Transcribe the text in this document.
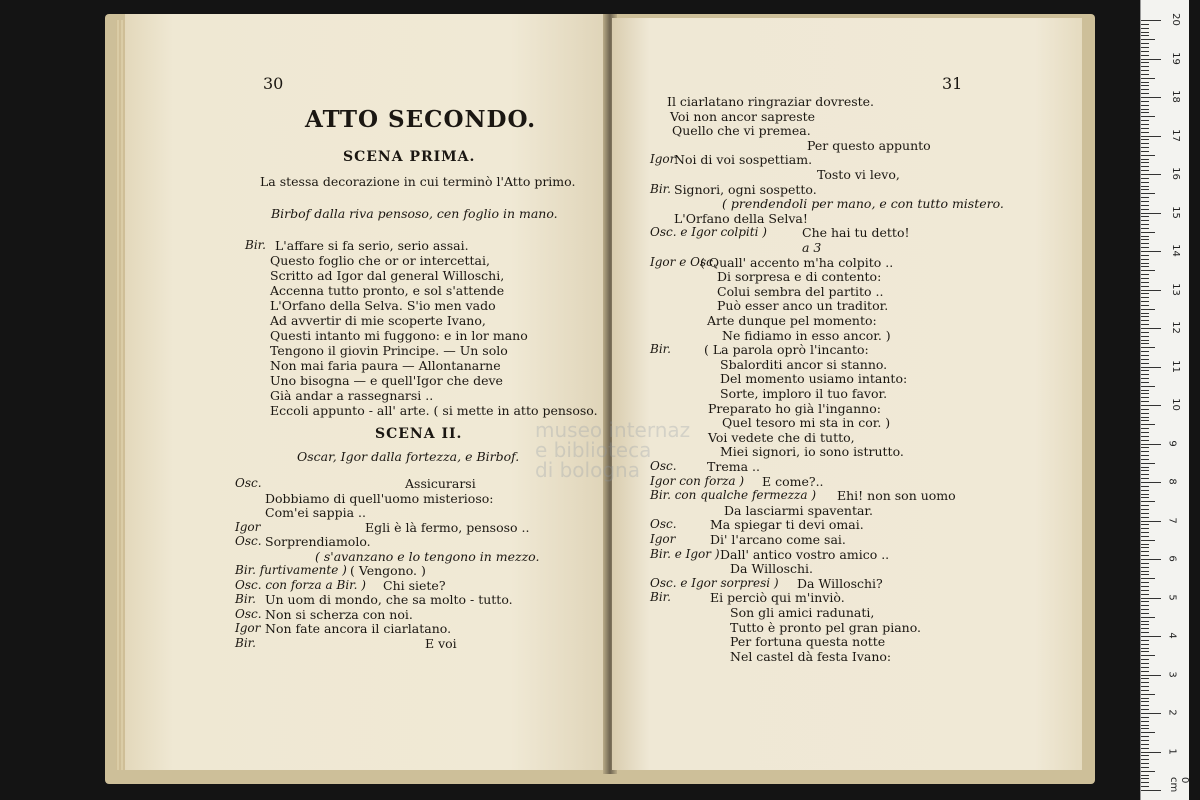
30
ATTO SECONDO.
SCENA PRIMA.
La stessa decorazione in cui terminò l'Atto primo.
Birbof dalla riva pensoso, cen foglio in mano.
Bir. L'affare si fa serio, serio assai.
Questo foglio che or or intercettai,
Scritto ad Igor dal general Willoschi,
Accenna tutto pronto, e sol s'attende
L'Orfano della Selva. S'io men vado
Ad avvertir di mie scoperte Ivano,
Questi intanto mi fuggono: e in lor mano
Tengono il giovin Principe. — Un solo
Non mai faria paura — Allontanarne
Uno bisogna — e quell'Igor che deve
Già andar a rassegnarsi ..
Eccoli appunto - all' arte. ( si mette in atto pensoso.
SCENA II.
Oscar, Igor dalla fortezza, e Birbof.
Osc.	Assicurarsi
Dobbiamo di quell'uomo misterioso:
Com'ei sappia ..
Igor	Egli è là fermo, pensoso ..
Osc. Sorprendiamolo.
( s'avanzano e lo tengono in mezzo.
Bir. furtivamente ) ( Vengono. )
Osc. con forza a Bir. ) Chi siete?
Bir. Un uom di mondo, che sa molto - tutto.
Osc. Non si scherza con noi.
Igor Non fate ancora il ciarlatano.
Bir.	E voi
31
Il ciarlatano ringraziar dovreste.
Voi non ancor sapreste
Quello che vi premea.
Per questo appunto
Igor
Noi di voi sospettiam.
Tosto vi levo,
Bir. Signori, ogni sospetto.
( prendendoli per mano, e con tutto mistero.
L'Orfano della Selva!
Osc. e Igor colpiti )	Che hai tu detto!
a 3
Igor e Osc.
( Quall' accento m'ha colpito ..
Di sorpresa e di contento:
Colui sembra del partito ..
Può esser anco un traditor.
Arte dunque pel momento:
Ne fidiamo in esso ancor. )
Bir.	( La parola oprò l'incanto:
Sbalorditi ancor si stanno.
Del momento usiamo intanto:
Sorte, imploro il tuo favor.
Preparato ho già l'inganno:
Quel tesoro mi sta in cor. )
Voi vedete che di tutto,
Miei signori, io sono istrutto.
Osc. Trema ..
Igor con forza ) E come?..
Bir. con qualche fermezza ) Ehi! non son uomo
Da lasciarmi spaventar.
Osc.	Ma spiegar ti devi omai.
Igor	Di' l'arcano come sai.
Bir. e Igor ) Dall' antico vostro amico ..
Da Willoschi.
Osc. e Igor sorpresi ) Da Willoschi?
Bir.	Ei perciò qui m'inviò.
Son gli amici radunati,
Tutto è pronto pel gran piano.
Per fortuna questa notte
Nel castel dà festa Ivano:
museo internaz
e biblioteca
di bologna
20
19
18
17
16
15
14
13
12
11
10
9
8
7
6
5
4
3
2
1
0 cm
